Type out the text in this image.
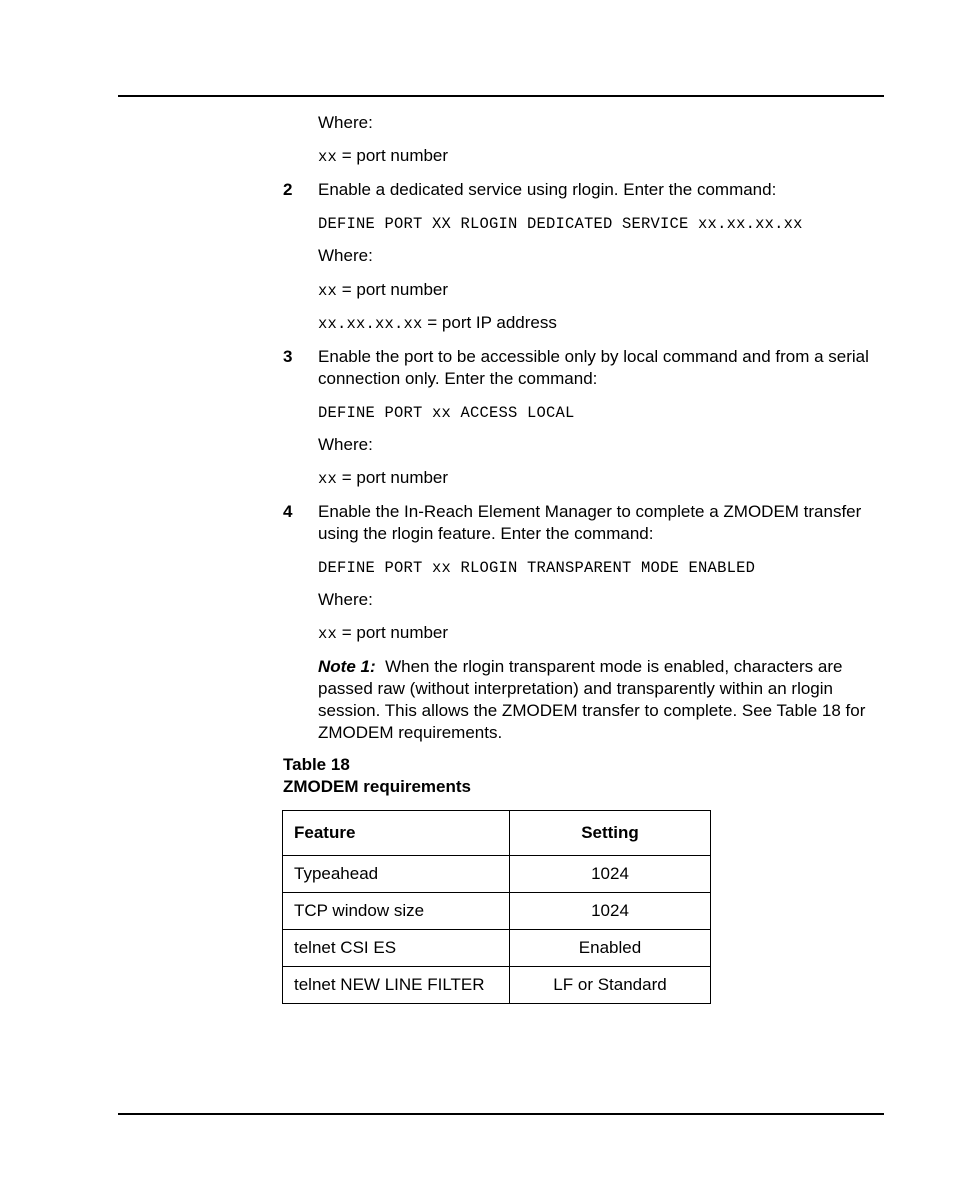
Where:
xx = port number
2 Enable a dedicated service using rlogin. Enter the command:
DEFINE PORT XX RLOGIN DEDICATED SERVICE xx.xx.xx.xx
Where:
xx = port number
xx.xx.xx.xx = port IP address
3 Enable the port to be accessible only by local command and from a serial connection only. Enter the command:
DEFINE PORT xx ACCESS LOCAL
Where:
xx = port number
4 Enable the In-Reach Element Manager to complete a ZMODEM transfer using the rlogin feature. Enter the command:
DEFINE PORT xx RLOGIN TRANSPARENT MODE ENABLED
Where:
xx = port number
Note 1: When the rlogin transparent mode is enabled, characters are passed raw (without interpretation) and transparently within an rlogin session. This allows the ZMODEM transfer to complete. See Table 18 for ZMODEM requirements.
Table 18
ZMODEM requirements
Feature	Setting
Typeahead	1024
TCP window size	1024
telnet CSI ES	Enabled
telnet NEW LINE FILTER	LF or Standard
